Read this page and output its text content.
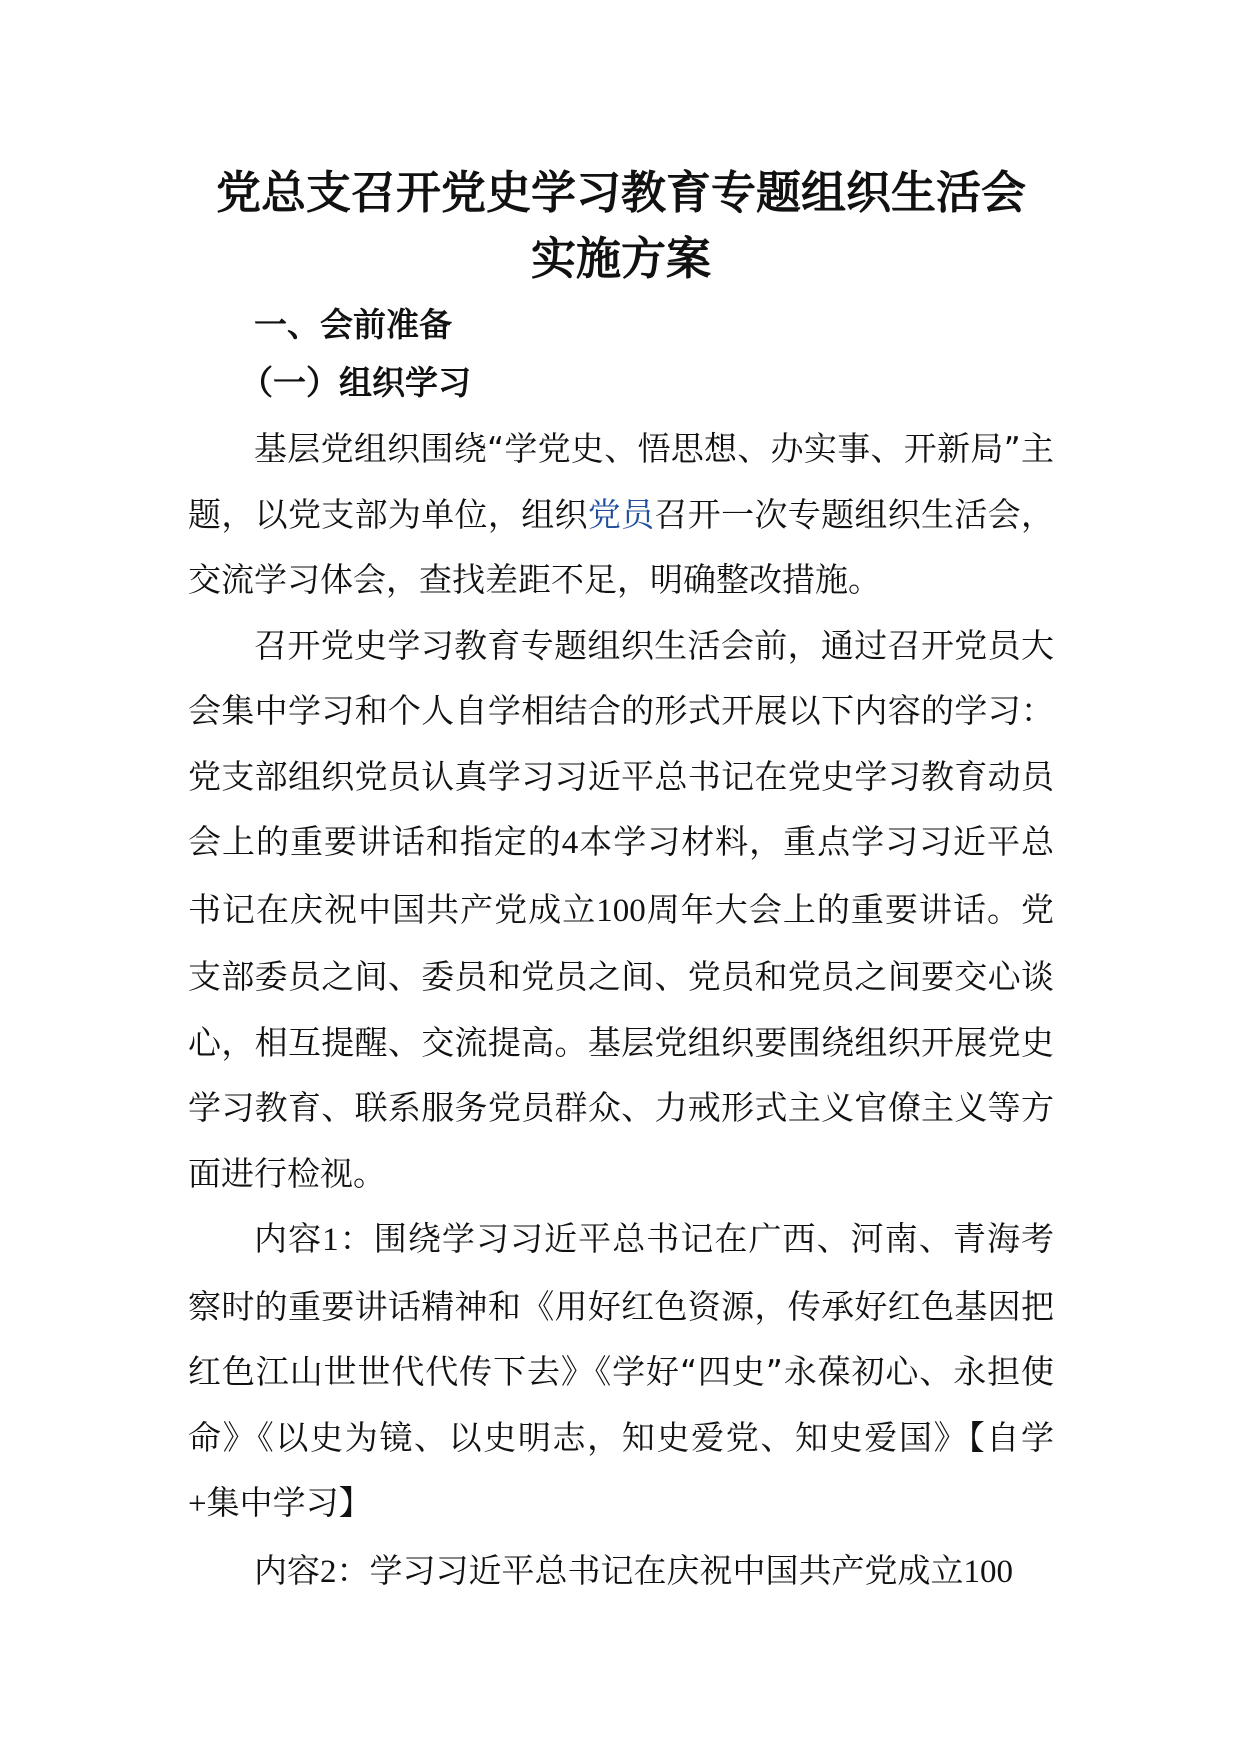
党总支召开党史学习教育专题组织生活会
实施方案
一、会前准备
（一）组织学习

基层党组织围绕“学党史、悟思想、办实事、开新局”主题，以党支部为单位，组织党员召开一次专题组织生活会，交流学习体会，查找差距不足，明确整改措施。

召开党史学习教育专题组织生活会前，通过召开党员大会集中学习和个人自学相结合的形式开展以下内容的学习：党支部组织党员认真学习习近平总书记在党史学习教育动员会上的重要讲话和指定的4本学习材料，重点学习习近平总书记在庆祝中国共产党成立100周年大会上的重要讲话。党支部委员之间、委员和党员之间、党员和党员之间要交心谈心，相互提醒、交流提高。基层党组织要围绕组织开展党史学习教育、联系服务党员群众、力戒形式主义官僚主义等方面进行检视。

内容1：围绕学习习近平总书记在广西、河南、青海考察时的重要讲话精神和《用好红色资源，传承好红色基因把红色江山世世代代传下去》《学好“四史”永葆初心、永担使命》《以史为镜、以史明志，知史爱党、知史爱国》【自学+集中学习】

内容2：学习习近平总书记在庆祝中国共产党成立100
